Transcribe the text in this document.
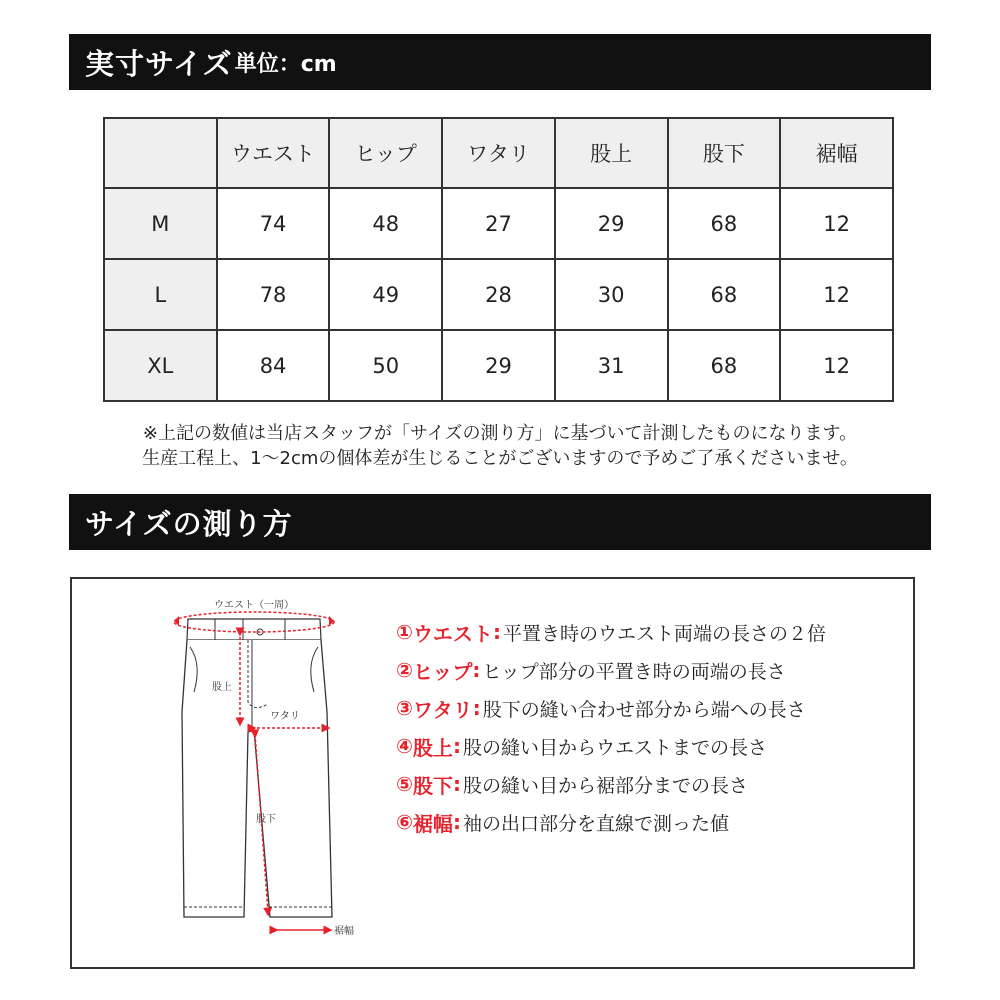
実寸サイズ 単位：cm
	ウエスト	ヒップ	ワタリ	股上	股下	裾幅
M	74	48	27	29	68	12
L	78	49	28	30	68	12
XL	84	50	29	31	68	12
※上記の数値は当店スタッフが「サイズの測り方」に基づいて計測したものになります。
生産工程上、1〜2cmの個体差が生じることがございますので予めご了承くださいませ。
サイズの測り方
ウエスト（一周）
股上
ワタリ
股下
裾幅
① ウエスト : 平置き時のウエスト両端の長さの２倍
② ヒップ : ヒップ部分の平置き時の両端の長さ
③ ワタリ : 股下の縫い合わせ部分から端への長さ
④ 股上 : 股の縫い目からウエストまでの長さ
⑤ 股下 : 股の縫い目から裾部分までの長さ
⑥ 裾幅 : 袖の出口部分を直線で測った値
